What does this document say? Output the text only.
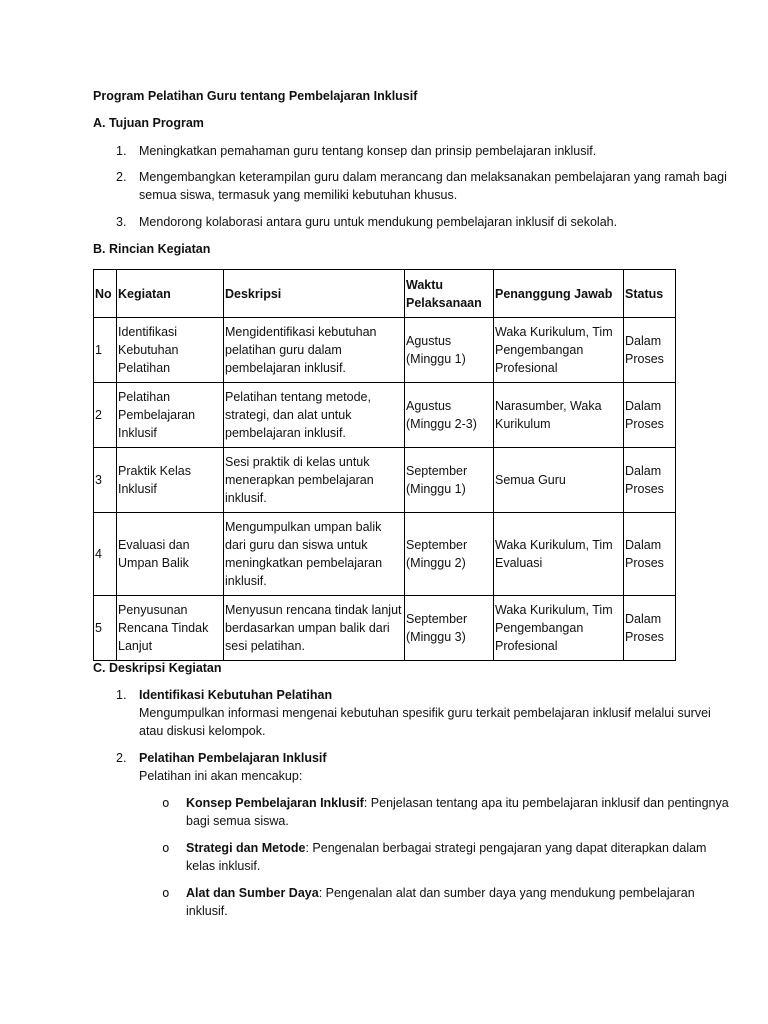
Program Pelatihan Guru tentang Pembelajaran Inklusif
A. Tujuan Program
1. Meningkatkan pemahaman guru tentang konsep dan prinsip pembelajaran inklusif.
2. Mengembangkan keterampilan guru dalam merancang dan melaksanakan pembelajaran yang ramah bagi semua siswa, termasuk yang memiliki kebutuhan khusus.
3. Mendorong kolaborasi antara guru untuk mendukung pembelajaran inklusif di sekolah.
B. Rincian Kegiatan
No	Kegiatan	Deskripsi	Waktu Pelaksanaan	Penanggung Jawab	Status
1	Identifikasi Kebutuhan Pelatihan	Mengidentifikasi kebutuhan pelatihan guru dalam pembelajaran inklusif.	Agustus (Minggu 1)	Waka Kurikulum, Tim Pengembangan Profesional	Dalam Proses
2	Pelatihan Pembelajaran Inklusif	Pelatihan tentang metode, strategi, dan alat untuk pembelajaran inklusif.	Agustus (Minggu 2-3)	Narasumber, Waka Kurikulum	Dalam Proses
3	Praktik Kelas Inklusif	Sesi praktik di kelas untuk menerapkan pembelajaran inklusif.	September (Minggu 1)	Semua Guru	Dalam Proses
4	Evaluasi dan Umpan Balik	Mengumpulkan umpan balik dari guru dan siswa untuk meningkatkan pembelajaran inklusif.	September (Minggu 2)	Waka Kurikulum, Tim Evaluasi	Dalam Proses
5	Penyusunan Rencana Tindak Lanjut	Menyusun rencana tindak lanjut berdasarkan umpan balik dari sesi pelatihan.	September (Minggu 3)	Waka Kurikulum, Tim Pengembangan Profesional	Dalam Proses
C. Deskripsi Kegiatan
1. Identifikasi Kebutuhan Pelatihan
Mengumpulkan informasi mengenai kebutuhan spesifik guru terkait pembelajaran inklusif melalui survei atau diskusi kelompok.
2. Pelatihan Pembelajaran Inklusif
Pelatihan ini akan mencakup:
o Konsep Pembelajaran Inklusif: Penjelasan tentang apa itu pembelajaran inklusif dan pentingnya bagi semua siswa.
o Strategi dan Metode: Pengenalan berbagai strategi pengajaran yang dapat diterapkan dalam kelas inklusif.
o Alat dan Sumber Daya: Pengenalan alat dan sumber daya yang mendukung pembelajaran inklusif.
